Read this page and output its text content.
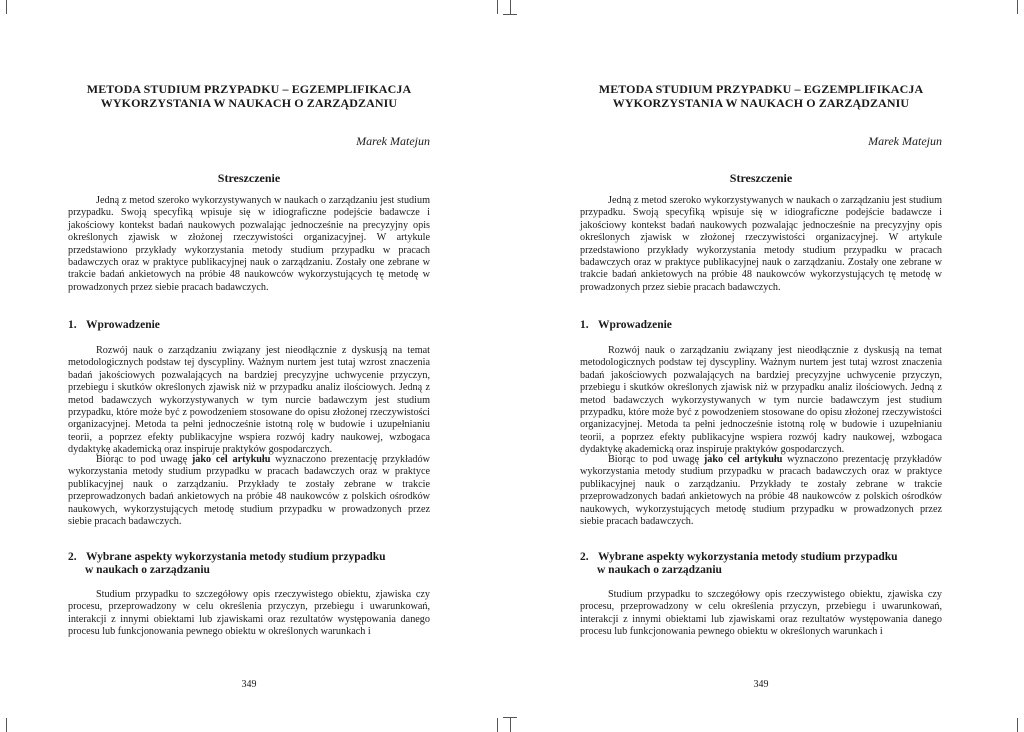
METODA STUDIUM PRZYPADKU – EGZEMPLIFIKACJA
WYKORZYSTANIA W NAUKACH O ZARZĄDZANIU
Marek Matejun
Streszczenie

Jedną z metod szeroko wykorzystywanych w naukach o zarządzaniu jest studium przypadku. Swoją specyfiką wpisuje się w idiograficzne podejście badawcze i jakościowy kontekst badań naukowych pozwalając jednocześnie na precyzyjny opis określonych zjawisk w złożonej rzeczywistości organizacyjnej. W artykule przedstawiono przykłady wykorzystania metody studium przypadku w pracach badawczych oraz w praktyce publikacyjnej nauk o zarządzaniu. Zostały one zebrane w trakcie badań ankietowych na próbie 48 naukowców wykorzystujących tę metodę w prowadzonych przez siebie pracach badawczych.

1. Wprowadzenie

Rozwój nauk o zarządzaniu związany jest nieodłącznie z dyskusją na temat metodologicznych podstaw tej dyscypliny. Ważnym nurtem jest tutaj wzrost znaczenia badań jakościowych pozwalających na bardziej precyzyjne uchwycenie przyczyn, przebiegu i skutków określonych zjawisk niż w przypadku analiz ilościowych. Jedną z metod badawczych wykorzystywanych w tym nurcie badawczym jest studium przypadku, które może być z powodzeniem stosowane do opisu złożonej rzeczywistości organizacyjnej. Metoda ta pełni jednocześnie istotną rolę w budowie i uzupełnianiu teorii, a poprzez efekty publikacyjne wspiera rozwój kadry naukowej, wzbogaca dydaktykę akademicką oraz inspiruje praktyków gospodarczych.

Biorąc to pod uwagę jako cel artykułu wyznaczono prezentację przykładów wykorzystania metody studium przypadku w pracach badawczych oraz w praktyce publikacyjnej nauk o zarządzaniu. Przykłady te zostały zebrane w trakcie przeprowadzonych badań ankietowych na próbie 48 naukowców z polskich ośrodków naukowych, wykorzystujących metodę studium przypadku w prowadzonych przez siebie pracach badawczych.

2. Wybrane aspekty wykorzystania metody studium przypadku
w naukach o zarządzaniu

Studium przypadku to szczegółowy opis rzeczywistego obiektu, zjawiska czy procesu, przeprowadzony w celu określenia przyczyn, przebiegu i uwarunkowań, interakcji z innymi obiektami lub zjawiskami oraz rezultatów występowania danego procesu lub funkcjonowania pewnego obiektu w określonych warunkach i

349
METODA STUDIUM PRZYPADKU – EGZEMPLIFIKACJA
WYKORZYSTANIA W NAUKACH O ZARZĄDZANIU
Marek Matejun
Streszczenie

Jedną z metod szeroko wykorzystywanych w naukach o zarządzaniu jest studium przypadku. Swoją specyfiką wpisuje się w idiograficzne podejście badawcze i jakościowy kontekst badań naukowych pozwalając jednocześnie na precyzyjny opis określonych zjawisk w złożonej rzeczywistości organizacyjnej. W artykule przedstawiono przykłady wykorzystania metody studium przypadku w pracach badawczych oraz w praktyce publikacyjnej nauk o zarządzaniu. Zostały one zebrane w trakcie badań ankietowych na próbie 48 naukowców wykorzystujących tę metodę w prowadzonych przez siebie pracach badawczych.

1. Wprowadzenie

Rozwój nauk o zarządzaniu związany jest nieodłącznie z dyskusją na temat metodologicznych podstaw tej dyscypliny. Ważnym nurtem jest tutaj wzrost znaczenia badań jakościowych pozwalających na bardziej precyzyjne uchwycenie przyczyn, przebiegu i skutków określonych zjawisk niż w przypadku analiz ilościowych. Jedną z metod badawczych wykorzystywanych w tym nurcie badawczym jest studium przypadku, które może być z powodzeniem stosowane do opisu złożonej rzeczywistości organizacyjnej. Metoda ta pełni jednocześnie istotną rolę w budowie i uzupełnianiu teorii, a poprzez efekty publikacyjne wspiera rozwój kadry naukowej, wzbogaca dydaktykę akademicką oraz inspiruje praktyków gospodarczych.

Biorąc to pod uwagę jako cel artykułu wyznaczono prezentację przykładów wykorzystania metody studium przypadku w pracach badawczych oraz w praktyce publikacyjnej nauk o zarządzaniu. Przykłady te zostały zebrane w trakcie przeprowadzonych badań ankietowych na próbie 48 naukowców z polskich ośrodków naukowych, wykorzystujących metodę studium przypadku w prowadzonych przez siebie pracach badawczych.

2. Wybrane aspekty wykorzystania metody studium przypadku
w naukach o zarządzaniu

Studium przypadku to szczegółowy opis rzeczywistego obiektu, zjawiska czy procesu, przeprowadzony w celu określenia przyczyn, przebiegu i uwarunkowań, interakcji z innymi obiektami lub zjawiskami oraz rezultatów występowania danego procesu lub funkcjonowania pewnego obiektu w określonych warunkach i

349
